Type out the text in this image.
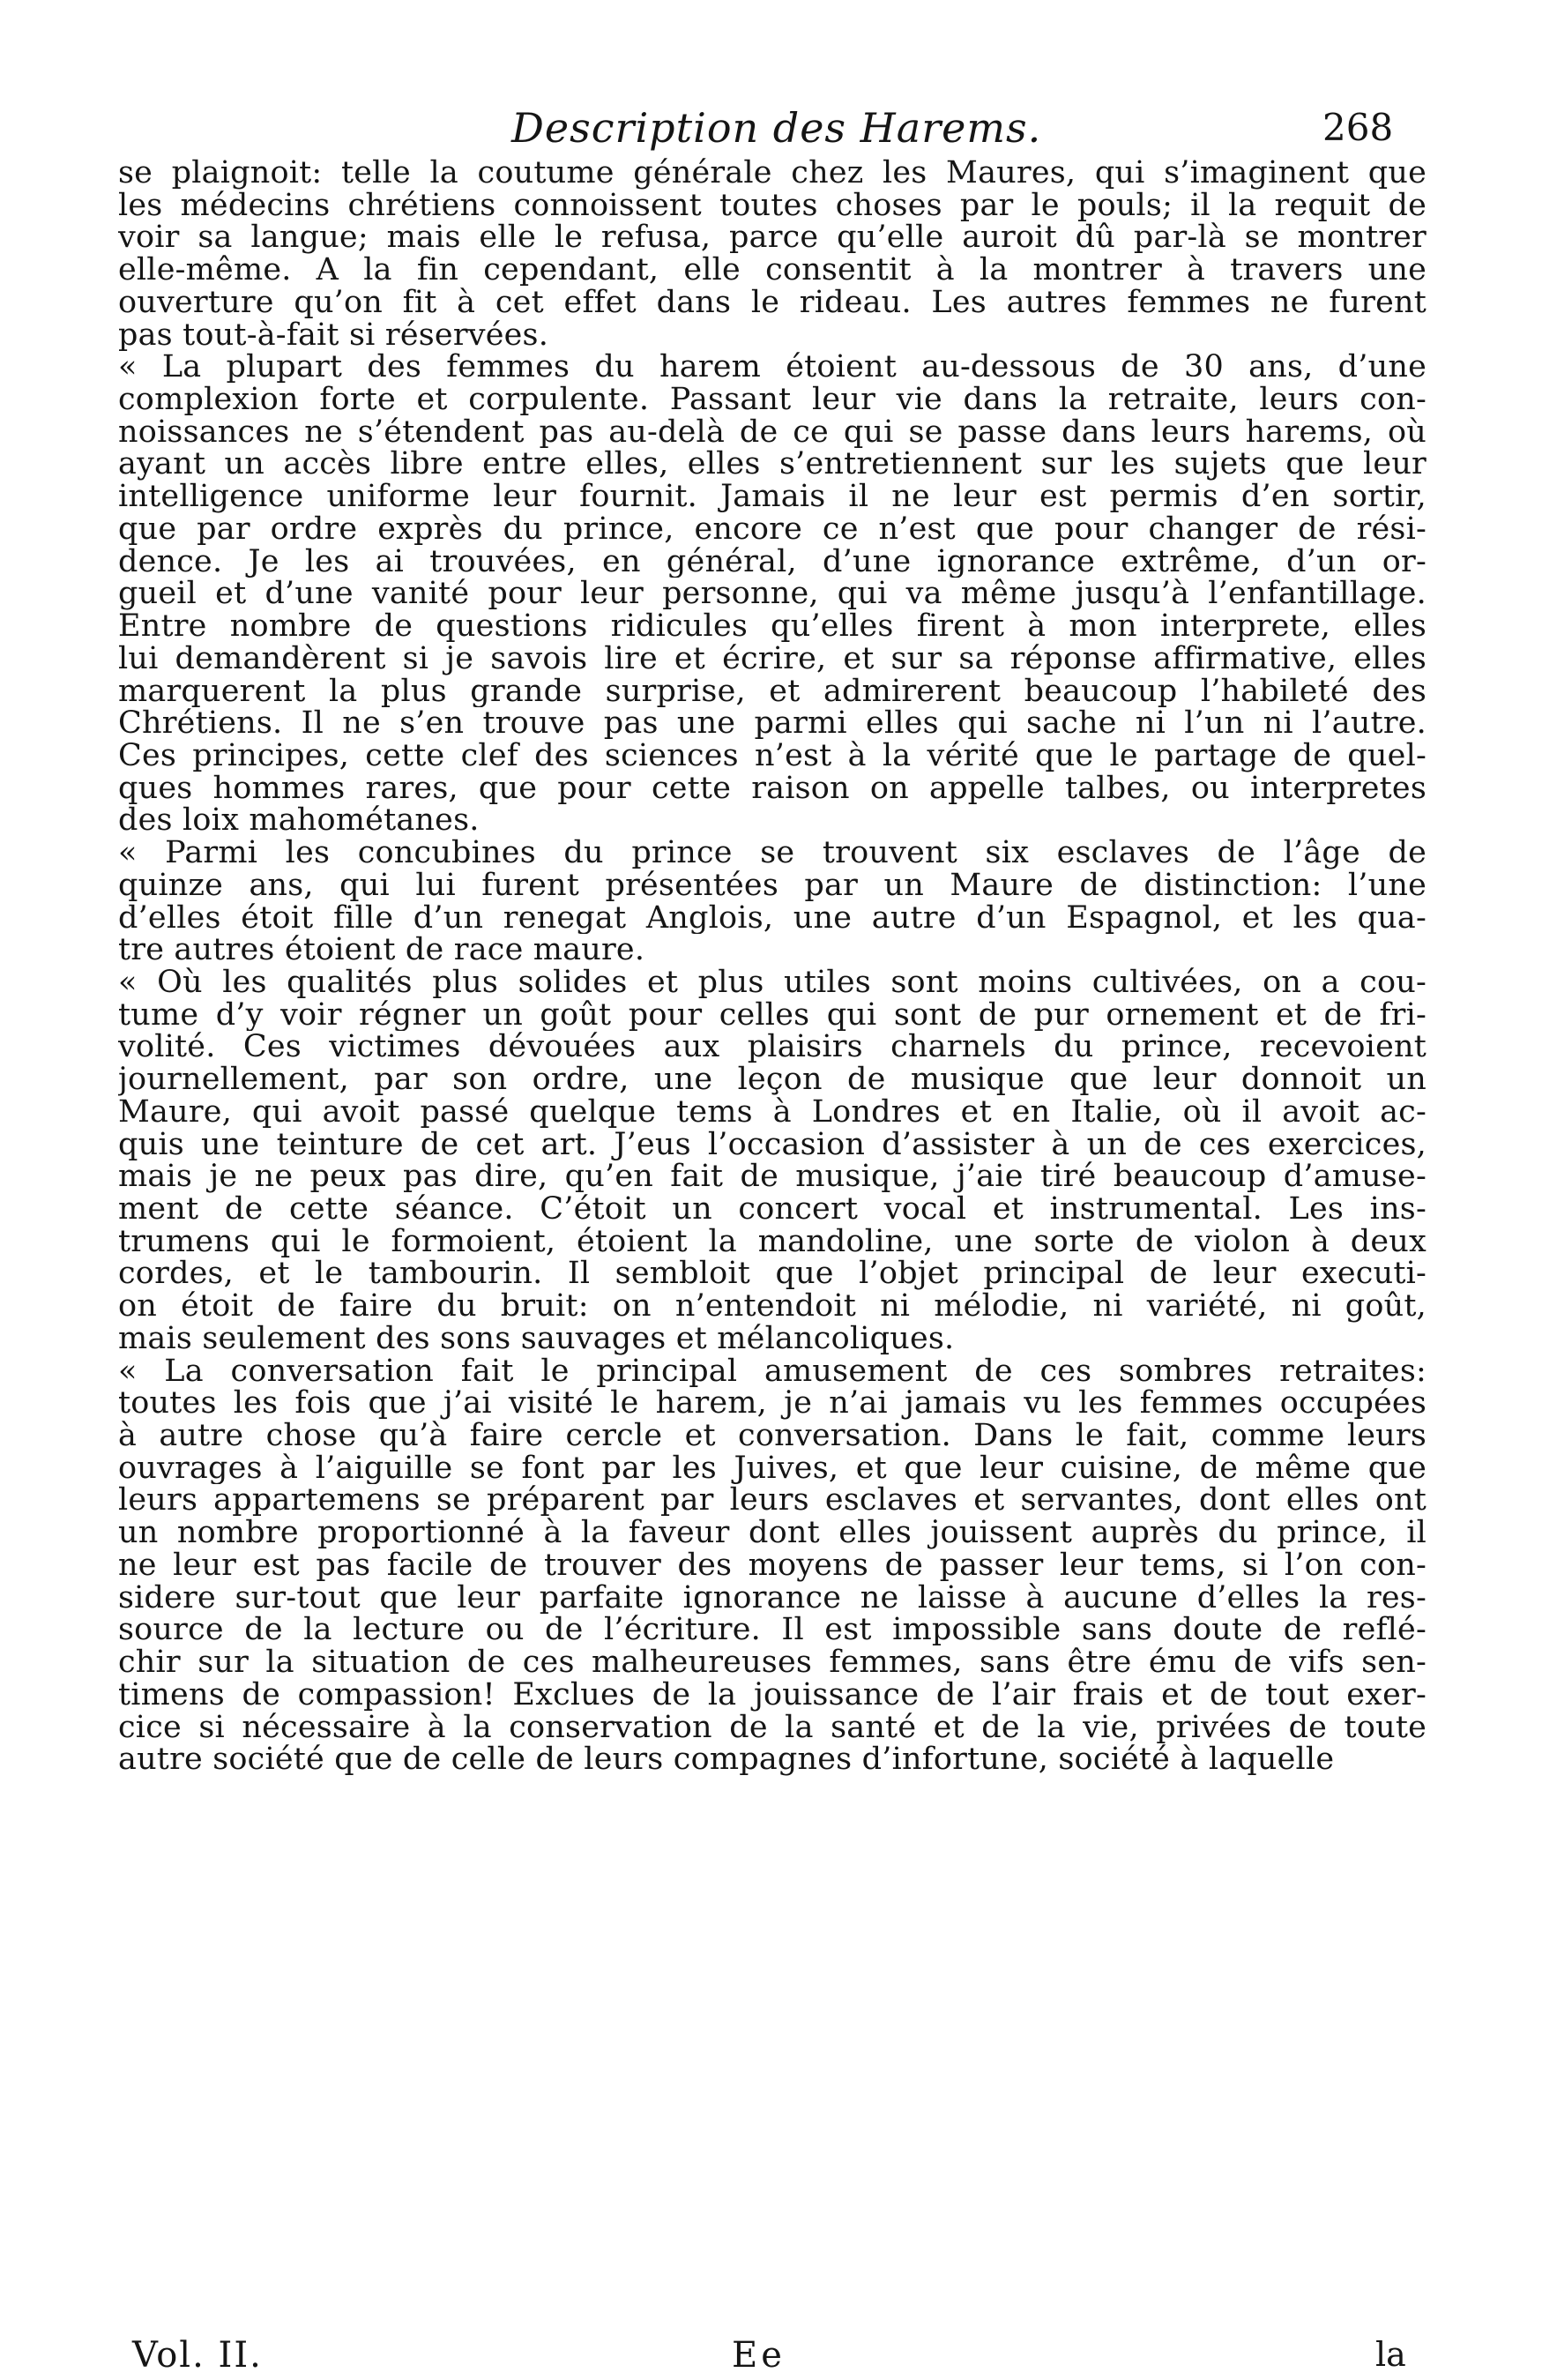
Description des Harems.	268
se plaignoit: telle la coutume générale chez les Maures, qui s’imaginent que
les médecins chrétiens connoissent toutes choses par le pouls; il la requit de
voir sa langue; mais elle le refusa, parce qu’elle auroit dû par-là se montrer
elle-même. A la fin cependant, elle consentit à la montrer à travers une
ouverture qu’on fit à cet effet dans le rideau. Les autres femmes ne furent
pas tout-à-fait si réservées.
« La plupart des femmes du harem étoient au-dessous de 30 ans, d’une
complexion forte et corpulente. Passant leur vie dans la retraite, leurs con-
noissances ne s’étendent pas au-delà de ce qui se passe dans leurs harems, où
ayant un accès libre entre elles, elles s’entretiennent sur les sujets que leur
intelligence uniforme leur fournit. Jamais il ne leur est permis d’en sortir,
que par ordre exprès du prince, encore ce n’est que pour changer de rési-
dence. Je les ai trouvées, en général, d’une ignorance extrême, d’un or-
gueil et d’une vanité pour leur personne, qui va même jusqu’à l’enfantillage.
Entre nombre de questions ridicules qu’elles firent à mon interprete, elles
lui demandèrent si je savois lire et écrire, et sur sa réponse affirmative, elles
marquerent la plus grande surprise, et admirerent beaucoup l’habileté des
Chrétiens. Il ne s’en trouve pas une parmi elles qui sache ni l’un ni l’autre.
Ces principes, cette clef des sciences n’est à la vérité que le partage de quel-
ques hommes rares, que pour cette raison on appelle talbes, ou interpretes
des loix mahométanes.
« Parmi les concubines du prince se trouvent six esclaves de l’âge de
quinze ans, qui lui furent présentées par un Maure de distinction: l’une
d’elles étoit fille d’un renegat Anglois, une autre d’un Espagnol, et les qua-
tre autres étoient de race maure.
« Où les qualités plus solides et plus utiles sont moins cultivées, on a cou-
tume d’y voir régner un goût pour celles qui sont de pur ornement et de fri-
volité. Ces victimes dévouées aux plaisirs charnels du prince, recevoient
journellement, par son ordre, une leçon de musique que leur donnoit un
Maure, qui avoit passé quelque tems à Londres et en Italie, où il avoit ac-
quis une teinture de cet art. J’eus l’occasion d’assister à un de ces exercices,
mais je ne peux pas dire, qu’en fait de musique, j’aie tiré beaucoup d’amuse-
ment de cette séance. C’étoit un concert vocal et instrumental. Les ins-
trumens qui le formoient, étoient la mandoline, une sorte de violon à deux
cordes, et le tambourin. Il sembloit que l’objet principal de leur executi-
on étoit de faire du bruit: on n’entendoit ni mélodie, ni variété, ni goût,
mais seulement des sons sauvages et mélancoliques.
« La conversation fait le principal amusement de ces sombres retraites:
toutes les fois que j’ai visité le harem, je n’ai jamais vu les femmes occupées
à autre chose qu’à faire cercle et conversation. Dans le fait, comme leurs
ouvrages à l’aiguille se font par les Juives, et que leur cuisine, de même que
leurs appartemens se préparent par leurs esclaves et servantes, dont elles ont
un nombre proportionné à la faveur dont elles jouissent auprès du prince, il
ne leur est pas facile de trouver des moyens de passer leur tems, si l’on con-
sidere sur-tout que leur parfaite ignorance ne laisse à aucune d’elles la res-
source de la lecture ou de l’écriture. Il est impossible sans doute de reflé-
chir sur la situation de ces malheureuses femmes, sans être ému de vifs sen-
timens de compassion! Exclues de la jouissance de l’air frais et de tout exer-
cice si nécessaire à la conservation de la santé et de la vie, privées de toute
autre société que de celle de leurs compagnes d’infortune, société à laquelle
Vol. II.	Ee	la
